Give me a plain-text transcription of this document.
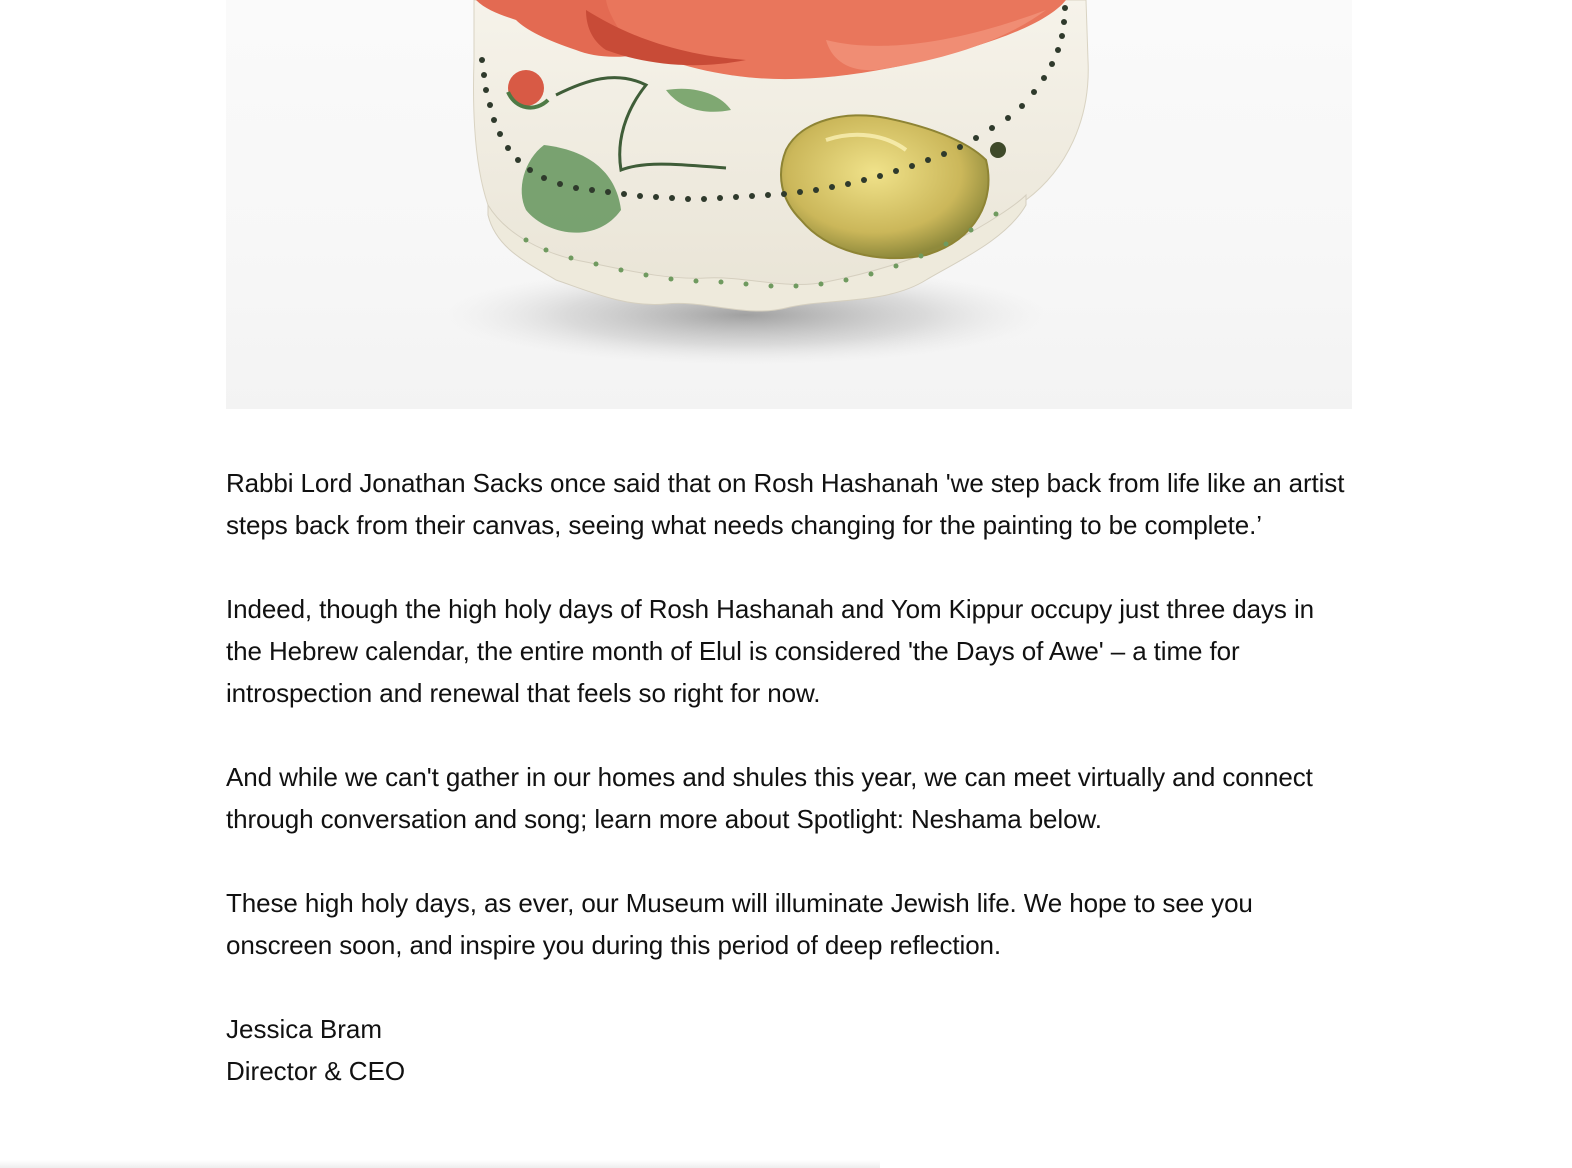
Rabbi Lord Jonathan Sacks once said that on Rosh Hashanah 'we step back from life like an artist steps back from their canvas, seeing what needs changing for the painting to be complete.’

Indeed, though the high holy days of Rosh Hashanah and Yom Kippur occupy just three days in the Hebrew calendar, the entire month of Elul is considered 'the Days of Awe' – a time for introspection and renewal that feels so right for now.

And while we can't gather in our homes and shules this year, we can meet virtually and connect through conversation and song; learn more about Spotlight: Neshama below.

These high holy days, as ever, our Museum will illuminate Jewish life. We hope to see you onscreen soon, and inspire you during this period of deep reflection.

Jessica Bram
Director & CEO
